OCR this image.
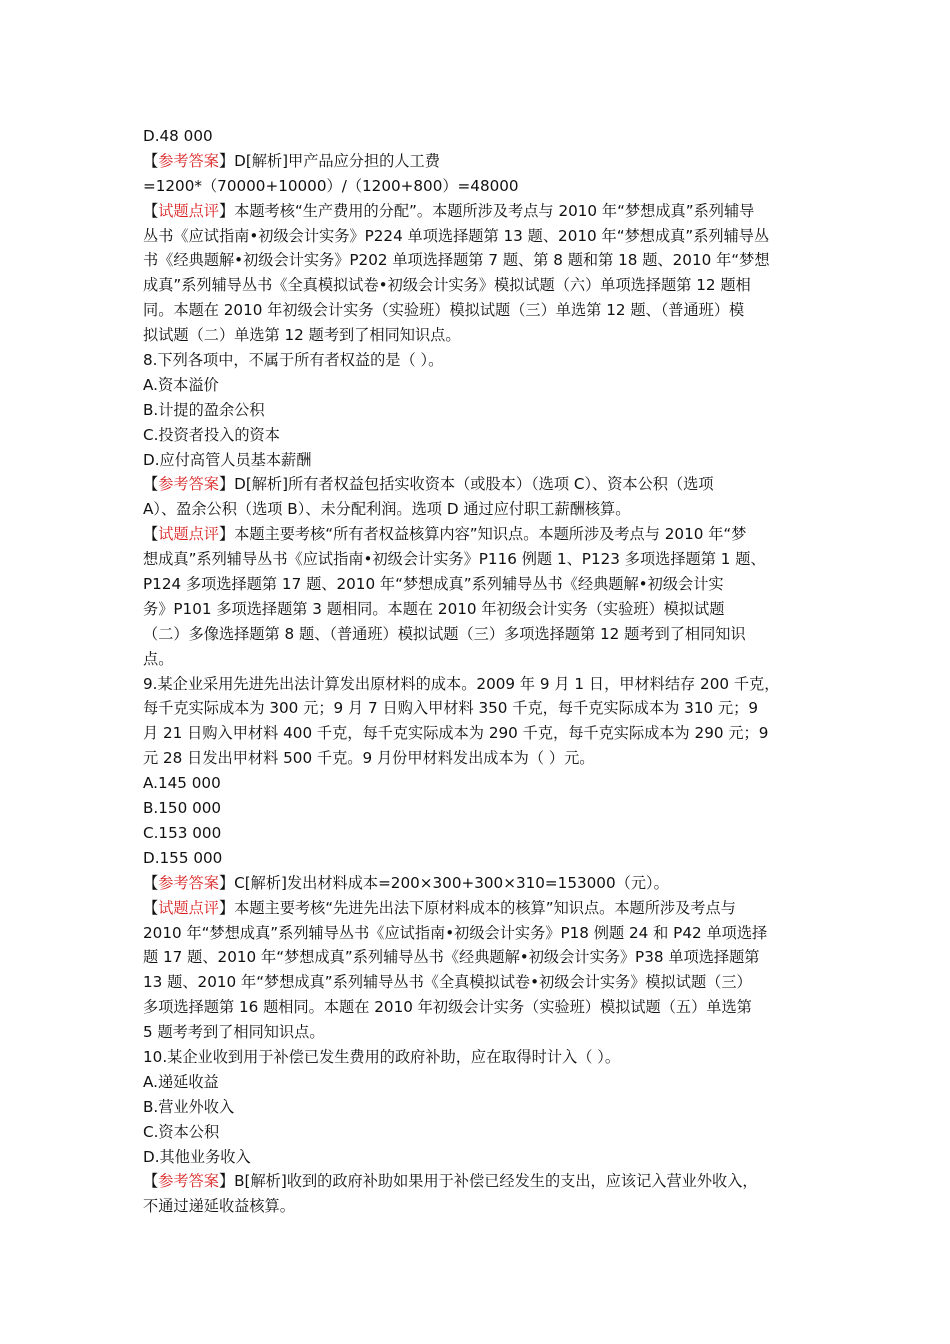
D.48 000
【参考答案】D[解析]甲产品应分担的人工费
=1200*（70000+10000）/（1200+800）=48000
【试题点评】本题考核“生产费用的分配”。本题所涉及考点与 2010 年“梦想成真”系列辅导
丛书《应试指南•初级会计实务》P224 单项选择题第 13 题、2010 年“梦想成真”系列辅导丛
书《经典题解•初级会计实务》P202 单项选择题第 7 题、第 8 题和第 18 题、2010 年“梦想
成真”系列辅导丛书《全真模拟试卷•初级会计实务》模拟试题（六）单项选择题第 12 题相
同。本题在 2010 年初级会计实务（实验班）模拟试题（三）单选第 12 题、（普通班）模
拟试题（二）单选第 12 题考到了相同知识点。
8.下列各项中，不属于所有者权益的是（ ）。
A.资本溢价
B.计提的盈余公积
C.投资者投入的资本
D.应付高管人员基本薪酬
【参考答案】D[解析]所有者权益包括实收资本（或股本）（选项 C）、资本公积（选项
A）、盈余公积（选项 B）、未分配利润。选项 D 通过应付职工薪酬核算。
【试题点评】本题主要考核“所有者权益核算内容”知识点。本题所涉及考点与 2010 年“梦
想成真”系列辅导丛书《应试指南•初级会计实务》P116 例题 1、P123 多项选择题第 1 题、
P124 多项选择题第 17 题、2010 年“梦想成真”系列辅导丛书《经典题解•初级会计实
务》P101 多项选择题第 3 题相同。本题在 2010 年初级会计实务（实验班）模拟试题
（二）多像选择题第 8 题、（普通班）模拟试题（三）多项选择题第 12 题考到了相同知识
点。
9.某企业采用先进先出法计算发出原材料的成本。2009 年 9 月 1 日，甲材料结存 200 千克，
每千克实际成本为 300 元；9 月 7 日购入甲材料 350 千克，每千克实际成本为 310 元；9
月 21 日购入甲材料 400 千克，每千克实际成本为 290 千克，每千克实际成本为 290 元；9
元 28 日发出甲材料 500 千克。9 月份甲材料发出成本为（ ）元。
A.145 000
B.150 000
C.153 000
D.155 000
【参考答案】C[解析]发出材料成本=200×300+300×310=153000（元）。
【试题点评】本题主要考核“先进先出法下原材料成本的核算”知识点。本题所涉及考点与
2010 年“梦想成真”系列辅导丛书《应试指南•初级会计实务》P18 例题 24 和 P42 单项选择
题 17 题、2010 年“梦想成真”系列辅导丛书《经典题解•初级会计实务》P38 单项选择题第
13 题、2010 年“梦想成真”系列辅导丛书《全真模拟试卷•初级会计实务》模拟试题（三）
多项选择题第 16 题相同。本题在 2010 年初级会计实务（实验班）模拟试题（五）单选第
5 题考考到了相同知识点。
10.某企业收到用于补偿已发生费用的政府补助，应在取得时计入（ ）。
A.递延收益
B.营业外收入
C.资本公积
D.其他业务收入
【参考答案】B[解析]收到的政府补助如果用于补偿已经发生的支出，应该记入营业外收入，
不通过递延收益核算。
